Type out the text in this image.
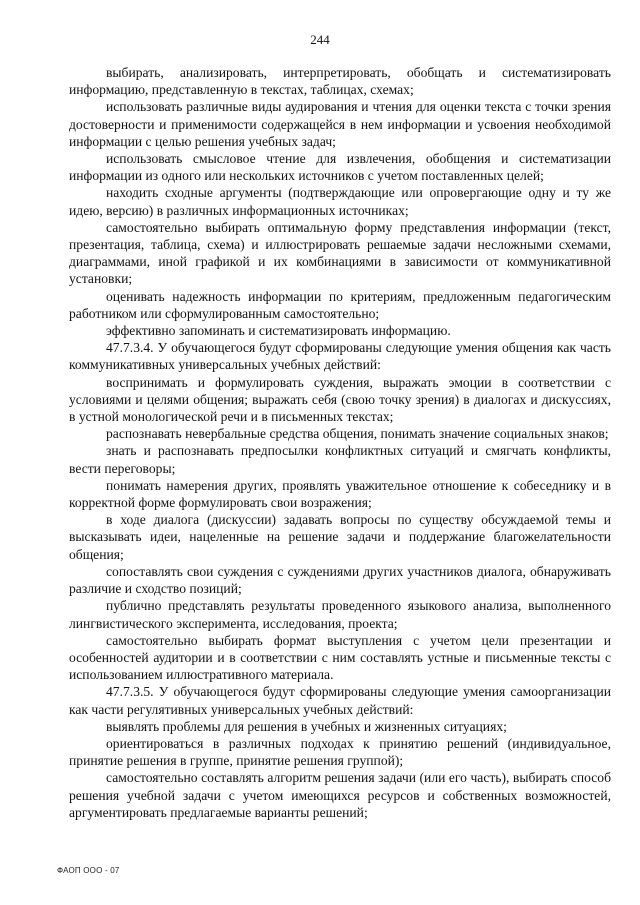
244

выбирать, анализировать, интерпретировать, обобщать и систематизировать информацию, представленную в текстах, таблицах, схемах;

использовать различные виды аудирования и чтения для оценки текста с точки зрения достоверности и применимости содержащейся в нем информации и усвоения необходимой информации с целью решения учебных задач;

использовать смысловое чтение для извлечения, обобщения и систематизации информации из одного или нескольких источников с учетом поставленных целей;

находить сходные аргументы (подтверждающие или опровергающие одну и ту же идею, версию) в различных информационных источниках;

самостоятельно выбирать оптимальную форму представления информации (текст, презентация, таблица, схема) и иллюстрировать решаемые задачи несложными схемами, диаграммами, иной графикой и их комбинациями в зависимости от коммуникативной установки;

оценивать надежность информации по критериям, предложенным педагогическим работником или сформулированным самостоятельно;

эффективно запоминать и систематизировать информацию.

47.7.3.4. У обучающегося будут сформированы следующие умения общения как часть коммуникативных универсальных учебных действий:

воспринимать и формулировать суждения, выражать эмоции в соответствии с условиями и целями общения; выражать себя (свою точку зрения) в диалогах и дискуссиях, в устной монологической речи и в письменных текстах;

распознавать невербальные средства общения, понимать значение социальных знаков;

знать и распознавать предпосылки конфликтных ситуаций и смягчать конфликты, вести переговоры;

понимать намерения других, проявлять уважительное отношение к собеседнику и в корректной форме формулировать свои возражения;

в ходе диалога (дискуссии) задавать вопросы по существу обсуждаемой темы и высказывать идеи, нацеленные на решение задачи и поддержание благожелательности общения;

сопоставлять свои суждения с суждениями других участников диалога, обнаруживать различие и сходство позиций;

публично представлять результаты проведенного языкового анализа, выполненного лингвистического эксперимента, исследования, проекта;

самостоятельно выбирать формат выступления с учетом цели презентации и особенностей аудитории и в соответствии с ним составлять устные и письменные тексты с использованием иллюстративного материала.

47.7.3.5. У обучающегося будут сформированы следующие умения самоорганизации как части регулятивных универсальных учебных действий:

выявлять проблемы для решения в учебных и жизненных ситуациях;

ориентироваться в различных подходах к принятию решений (индивидуальное, принятие решения в группе, принятие решения группой);

самостоятельно составлять алгоритм решения задачи (или его часть), выбирать способ решения учебной задачи с учетом имеющихся ресурсов и собственных возможностей, аргументировать предлагаемые варианты решений;

ФАОП ООО - 07
